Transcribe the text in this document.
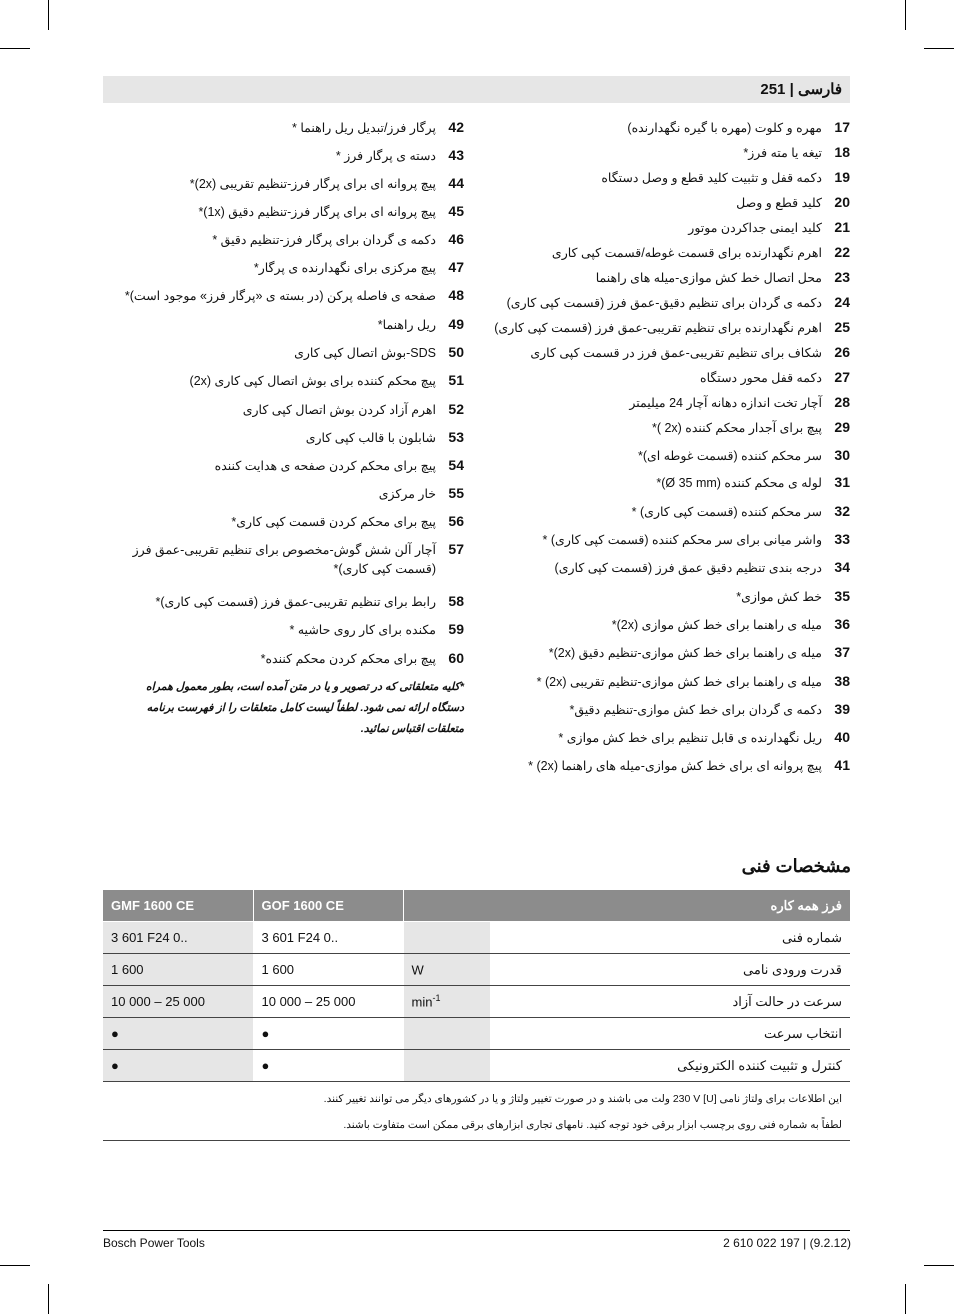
فارسی | 251
17
مهره و کلوت (مهره با گیره نگهدارنده)
18
تیغه یا مته فرز*
19
دکمه قفل و تثبیت کلید قطع و وصل دستگاه
20
کلید قطع و وصل
21
کلید ایمنی جداکردن موتور
22
اهرم نگهدارنده برای قسمت غوطه/قسمت کپی کاری
23
محل اتصال خط کش موازی-میله های راهنما
24
دکمه ی گردان برای تنظیم دقیق-عمق فرز (قسمت کپی کاری)
25
اهرم نگهدارنده برای تنظیم تقریبی-عمق فرز (قسمت کپی کاری)
26
شکاف برای تنظیم تقریبی-عمق فرز در قسمت کپی کاری
27
دکمه قفل محور دستگاه
28
آچار تخت اندازه دهانه آچار 24 میلیمتر
29
پیچ برای آجدار محکم کننده (2x )*
30
سر محکم کننده (قسمت غوطه ای)*
31
لوله ی محکم کننده (Ø 35 mm)*
32
سر محکم کننده (قسمت کپی کاری) *
33
واشر میانی برای سر محکم کننده (قسمت کپی کاری) *
34
درجه بندی تنظیم دقیق عمق فرز (قسمت کپی کاری)
35
خط کش موازی*
36
میله ی راهنما برای خط کش موازی (2x)*
37
میله ی راهنما برای خط کش موازی-تنظیم دقیق (2x)*
38
میله ی راهنما برای خط کش موازی-تنظیم تقریبی (2x) *
39
دکمه ی گردان برای خط کش موازی-تنظیم دقیق*
40
ریل نگهدارنده ی قابل تنظیم برای خط کش موازی *
41
پیچ پروانه ای برای خط کش موازی-میله های راهنما (2x) *
42
پرگار فرز/تبدیل ریل راهنما *
43
دسته ی پرگار فرز *
44
پیچ پروانه ای برای پرگار فرز-تنظیم تقریبی (2x)*
45
پیچ پروانه ای برای پرگار فرز-تنظیم دقیق (1x)*
46
دکمه ی گردان برای پرگار فرز-تنظیم دقیق *
47
پیچ مرکزی برای نگهدارنده ی پرگار*
48
صفحه ی فاصله پرکن (در بسته ی «پرگار فرز» موجود است)*
49
ریل راهنما*
50
SDS-بوش اتصال کپی کاری
51
پیچ محکم کننده برای بوش اتصال کپی کاری (2x)
52
اهرم آزاد کردن بوش اتصال کپی کاری
53
شابلون با قالب کپی کاری
54
پیچ برای محکم کردن صفحه ی هدایت کننده
55
خار مرکزی
56
پیچ برای محکم کردن قسمت کپی کاری*
57
آچار آلن شش گوش-مخصوص برای تنظیم تقریبی-عمق فرز
(قسمت کپی کاری)*
58
رابط برای تنظیم تقریبی-عمق فرز (قسمت کپی کاری)*
59
مکنده برای کار روی حاشیه *
60
پیچ برای محکم کردن محکم کننده*
*کلیه متعلقاتی که در تصویر و یا در متن آمده است، بطور معمول همراه
دستگاه ارائه نمی شود. لطفاً لیست کامل متعلقات را از فهرست برنامه
متعلقات اقتباس نمائید.
مشخصات فنی
GMF 1600 CE	GOF 1600 CE		فرز همه کاره
3 601 F24 0..	3 601 F24 0..		شماره فنی
1 600	1 600	W	قدرت ورودی نامی
10 000 – 25 000	10 000 – 25 000	$\min^{-1}$	سرعت در حالت آزاد
●	●		انتخاب سرعت
●	●		کنترل و تثبیت کننده الکترونیکی
این اطلاعات برای ولتاژ نامی [U] 230 V ولت می باشند و در صورت تغییر ولتاژ و یا در کشورهای دیگر می توانند تغییر کنند.
لطفاً به شماره فنی روی برچسب ابزار برقی خود توجه کنید. نامهای تجاری ابزارهای برقی ممکن است متفاوت باشند.
Bosch Power Tools	2 610 022 197 | (9.2.12)
